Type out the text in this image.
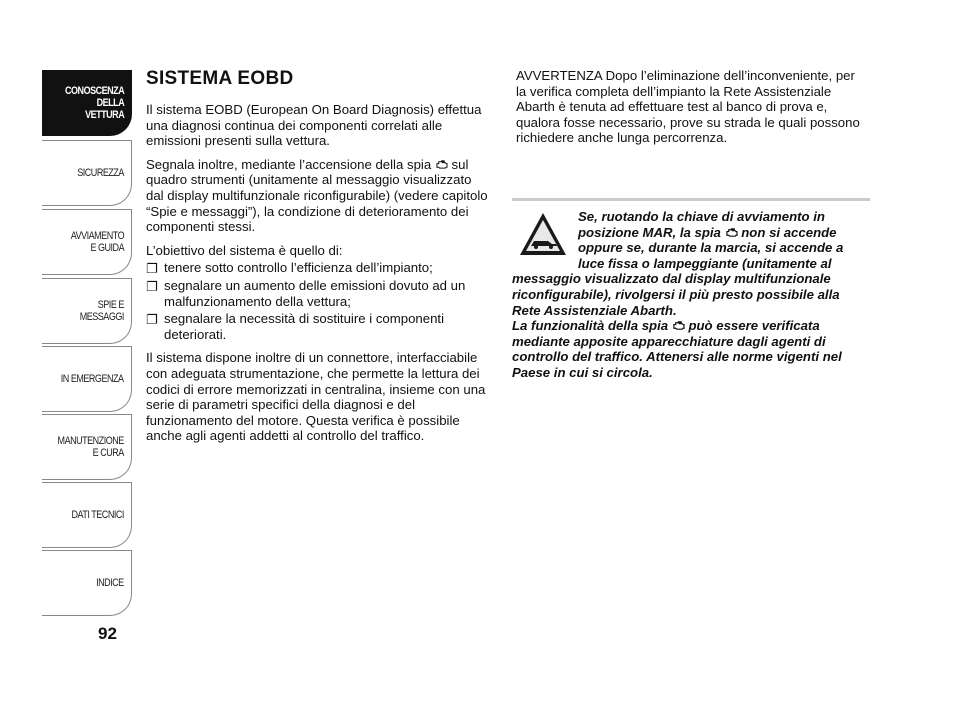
CONOSCENZA
DELLA
VETTURA
SICUREZZA
AVVIAMENTO
E GUIDA
SPIE E
MESSAGGI
IN EMERGENZA
MANUTENZIONE
E CURA
DATI TECNICI
INDICE
92
SISTEMA EOBD

Il sistema EOBD (European On Board Diagnosis) effettua una diagnosi continua dei componenti correlati alle emissioni presenti sulla vettura.

Segnala inoltre, mediante l’accensione della spia sul quadro strumenti (unitamente al messaggio visualizzato dal display multifunzionale riconfigurabile) (vedere capitolo “Spie e messaggi”), la condizione di deterioramento dei componenti stessi.

L’obiettivo del sistema è quello di:

❐ tenere sotto controllo l’efficienza dell’impianto;
❐ segnalare un aumento delle emissioni dovuto ad un malfunzionamento della vettura;
❐ segnalare la necessità di sostituire i componenti deteriorati.

Il sistema dispone inoltre di un connettore, interfacciabile con adeguata strumentazione, che permette la lettura dei codici di errore memorizzati in centralina, insieme con una serie di parametri specifici della diagnosi e del funzionamento del motore. Questa verifica è possibile anche agli agenti addetti al controllo del traffico.

AVVERTENZA Dopo l’eliminazione dell’inconveniente, per la verifica completa dell’impianto la Rete Assistenziale Abarth è tenuta ad effettuare test al banco di prova e, qualora fosse necessario, prove su strada le quali possono richiedere anche lunga percorrenza.

Se, ruotando la chiave di avviamento in posizione MAR, la spia non si accende oppure se, durante la marcia, si accende a luce fissa o lampeggiante (unitamente al messaggio visualizzato dal display multifunzionale riconfigurabile), rivolgersi il più presto possibile alla Rete Assistenziale Abarth.
La funzionalità della spia può essere verificata mediante apposite apparecchiature dagli agenti di controllo del traffico. Attenersi alle norme vigenti nel Paese in cui si circola.
